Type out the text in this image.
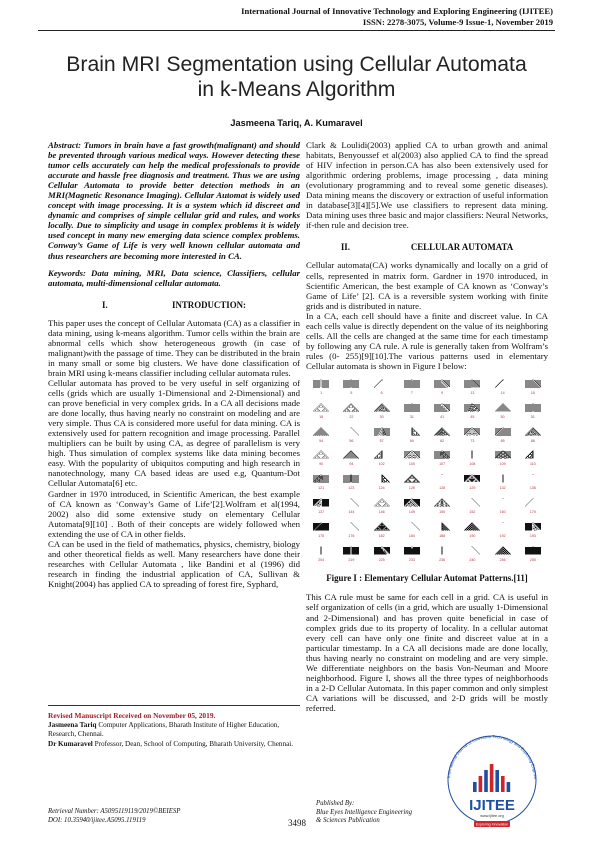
International Journal of Innovative Technology and Exploring Engineering (IJITEE)
ISSN: 2278-3075, Volume-9 Issue-1, November 2019
Brain MRI Segmentation using Cellular Automata
in k-Means Algorithm
Jasmeena Tariq, A. Kumaravel

Abstract: Tumors in brain have a fast growth(malignant) and should be prevented through various medical ways. However detecting these tumor cells accurately can help the medical professionals to provide accurate and hassle free diagnosis and treatment. Thus we are using Cellular Automata to provide better detection methods in an MRI(Magnetic Resonance Imaging). Cellular Automat is widely used concept with image processing. It is a system which id discreet and dynamic and comprises of simple cellular grid and rules, and works locally. Due to simplicity and usage in complex problems it is widely used concept in many new emerging data science complex problems. Conway’s Game of Life is very well known cellular automata and thus researchers are becoming more interested in CA.

Keywords: Data mining, MRI, Data science, Classifiers, cellular automata, multi-dimensional cellular automata.

I.	INTRODUCTION:

This paper uses the concept of Cellular Automata (CA) as a classifier in data mining, using k-means algorithm. Tumor cells within the brain are abnormal cells which show heterogeneous growth (in case of malignant)with the passage of time. They can be distributed in the brain in many small or some big clusters. We have done classification of brain MRI using k-means classifier including cellular automata rules.

Cellular automata has proved to be very useful in self organizing of cells (grids which are usually 1-Dimensional and 2-Dimensional) and can prove beneficial in very complex grids. In a CA all decisions made are done locally, thus having nearly no constraint on modeling and are very simple. Thus CA is considered more useful for data mining. CA is extensively used for pattern recognition and image processing. Parallel multipliers can be built by using CA, as degree of parallelism is very high. Thus simulation of complex systems like data mining becomes easy. With the popularity of ubiquitos computing and high research in nanotechnology, many CA based ideas are used e.g, Quantum-Dot Cellular Automata[6] etc.

Gardner in 1970 introduced, in Scientific American, the best example of CA known as ‘Conway’s Game of Life’[2].Wolfram et al(1994, 2002) also did some extensive study on elementary Cellular Automata[9][10] . Both of their concepts are widely followed when extending the use of CA in other fields.

CA can be used in the field of mathematics, physics, chemistry, biology and other theoretical fields as well. Many researchers have done their researches with Cellular Automata , like Bandini et al (1996) did research in finding the industrial application of CA, Sullivan & Knight(2004) has applied CA to spreading of forest fire, Syphard,

Clark & Loulidi(2003) applied CA to urban growth and animal habitats, Benyoussef et al(2003) also applied CA to find the spread of HIV infection in person.CA has also been extensively used for algorithmic ordering problems, image processing , data mining (evolutionary programming and to reveal some genetic diseases). Data mining means the discovery or extraction of useful information in database[3][4][5].We use classifiers to represent data mining. Data mining uses three basic and major classifiers: Neural Networks, if-then rule and decision tree.

II.	CELLULAR AUTOMATA

Cellular automata(CA) works dynamically and locally on a grid of cells, represented in matrix form. Gardner in 1970 introduced, in Scientific American, the best example of CA known as ‘Conway’s Game of Life’ [2]. CA is a reversible system working with finite grids and is distributed in nature.

In a CA, each cell should have a finite and discreet value. In CA each cells value is directly dependent on the value of its neighboring cells. All the cells are changed at the same time for each timestamp by following any CA rule. A rule is generally taken from Wolfram’s rules (0- 255)[9][10].The various patterns used in elementary Cellular automata is shown in Figure I below:

1	5	6	7	9	13	14	15
18	22	30	31	41	45	50	51
54	56	57	60	62	73	85	86
90	94	102	105	107	108	109	110
121	123	124	126	128	129	132	136
137	144	146	149	150	152	160	170
175	176	182	184	188	190	192	193
204	219	225	233	236	240	246	255
Figure I : Elementary Cellular Automat Patterns.[11]

This CA rule must be same for each cell in a grid. CA is useful in self organization of cells (in a grid, which are usually 1-Dimensional and 2-Dimensional) and has proven quite beneficial in case of complex grids due to its property of locality. In a cellular automat every cell can have only one finite and discreet value at in a particular timestamp. In a CA all decisions made are done locally, thus having nearly no constraint on modeling and are very simple. We differentiate neighbors on the basis Von-Neuman and Moore neighborhood. Figure I, shows all the three types of neighborhoods in a 2-D Cellular Automata. In this paper common and only simplest CA variations will be discussed, and 2-D grids will be mostly referred.

Revised Manuscript Received on November 05, 2019.
Jasmeena Tariq Computer Applications, Bharath Institute of Higher Education, Research, Chennai.
Dr Kumaravel Professor, Dean, School of Computing, Bharath University, Chennai.
Retrieval Number: A5095119119/2019©BEIESP
DOI: 10.35940/ijitee.A5095.119119	3498
Published By:
Blue Eyes Intelligence Engineering
& Sciences Publication
International Journal of Innovative Technology and Exploring Enginee
IJITEE
www.ijitee.org
Exploring Innovation
